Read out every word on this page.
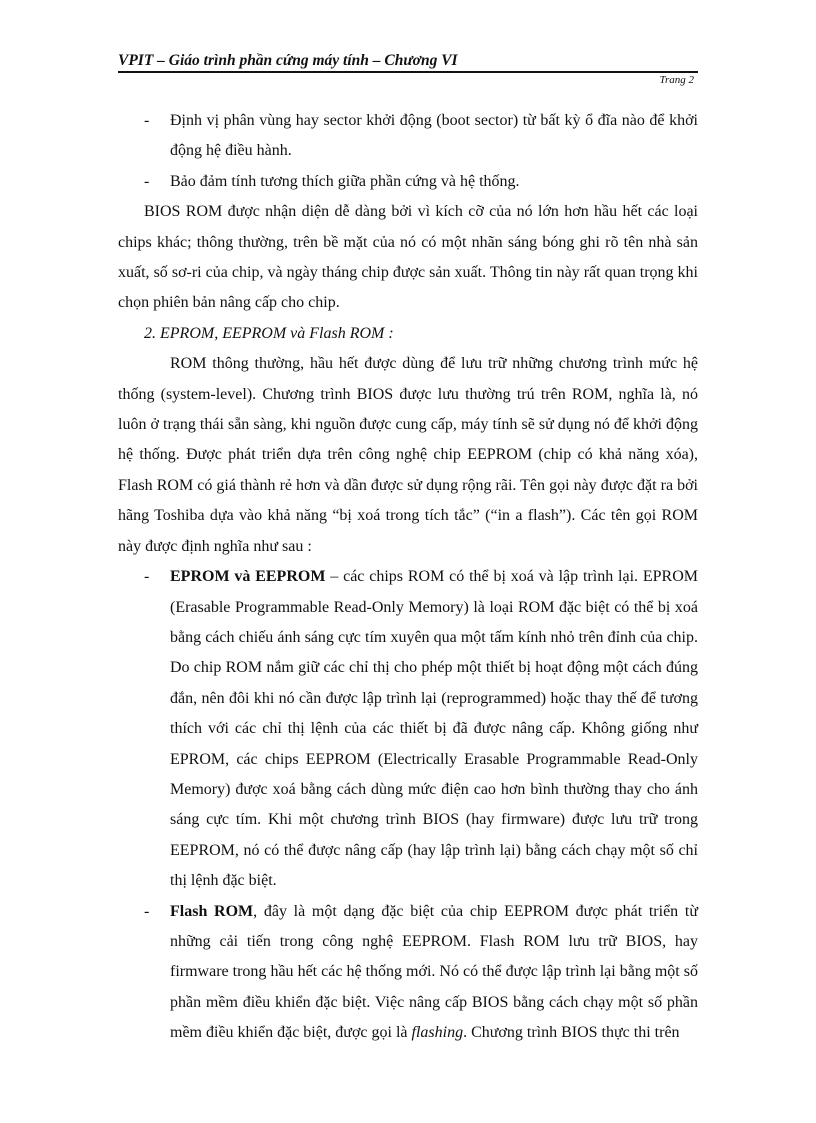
VPIT – Giáo trình phần cứng máy tính – Chương VI
Trang 2

- Định vị phân vùng hay sector khởi động (boot sector) từ bất kỳ ổ đĩa nào để khởi động hệ điều hành.

- Bảo đảm tính tương thích giữa phần cứng và hệ thống.

BIOS ROM được nhận diện dễ dàng bởi vì kích cỡ của nó lớn hơn hầu hết các loại chips khác; thông thường, trên bề mặt của nó có một nhãn sáng bóng ghi rõ tên nhà sản xuất, số sơ-ri của chip, và ngày tháng chip được sản xuất. Thông tin này rất quan trọng khi chọn phiên bản nâng cấp cho chip.

2. EPROM, EEPROM và Flash ROM :

ROM thông thường, hầu hết được dùng để lưu trữ những chương trình mức hệ thống (system-level). Chương trình BIOS được lưu thường trú trên ROM, nghĩa là, nó luôn ở trạng thái sẵn sàng, khi nguồn được cung cấp, máy tính sẽ sử dụng nó để khởi động hệ thống. Được phát triển dựa trên công nghệ chip EEPROM (chip có khả năng xóa), Flash ROM có giá thành rẻ hơn và dần được sử dụng rộng rãi. Tên gọi này được đặt ra bởi hãng Toshiba dựa vào khả năng “bị xoá trong tích tắc” (“in a flash”). Các tên gọi ROM này được định nghĩa như sau :

- EPROM và EEPROM – các chips ROM có thể bị xoá và lập trình lại. EPROM (Erasable Programmable Read-Only Memory) là loại ROM đặc biệt có thể bị xoá bằng cách chiếu ánh sáng cực tím xuyên qua một tấm kính nhỏ trên đỉnh của chip. Do chip ROM nắm giữ các chỉ thị cho phép một thiết bị hoạt động một cách đúng đắn, nên đôi khi nó cần được lập trình lại (reprogrammed) hoặc thay thế để tương thích với các chỉ thị lệnh của các thiết bị đã được nâng cấp. Không giống như EPROM, các chips EEPROM (Electrically Erasable Programmable Read-Only Memory) được xoá bằng cách dùng mức điện cao hơn bình thường thay cho ánh sáng cực tím. Khi một chương trình BIOS (hay firmware) được lưu trữ trong EEPROM, nó có thể được nâng cấp (hay lập trình lại) bằng cách chạy một số chỉ thị lệnh đặc biệt.

- Flash ROM, đây là một dạng đặc biệt của chip EEPROM được phát triển từ những cải tiến trong công nghệ EEPROM. Flash ROM lưu trữ BIOS, hay firmware trong hầu hết các hệ thống mới. Nó có thể được lập trình lại bằng một số phần mềm điều khiển đặc biệt. Việc nâng cấp BIOS bằng cách chạy một số phần mềm điều khiển đặc biệt, được gọi là flashing. Chương trình BIOS thực thi trên
